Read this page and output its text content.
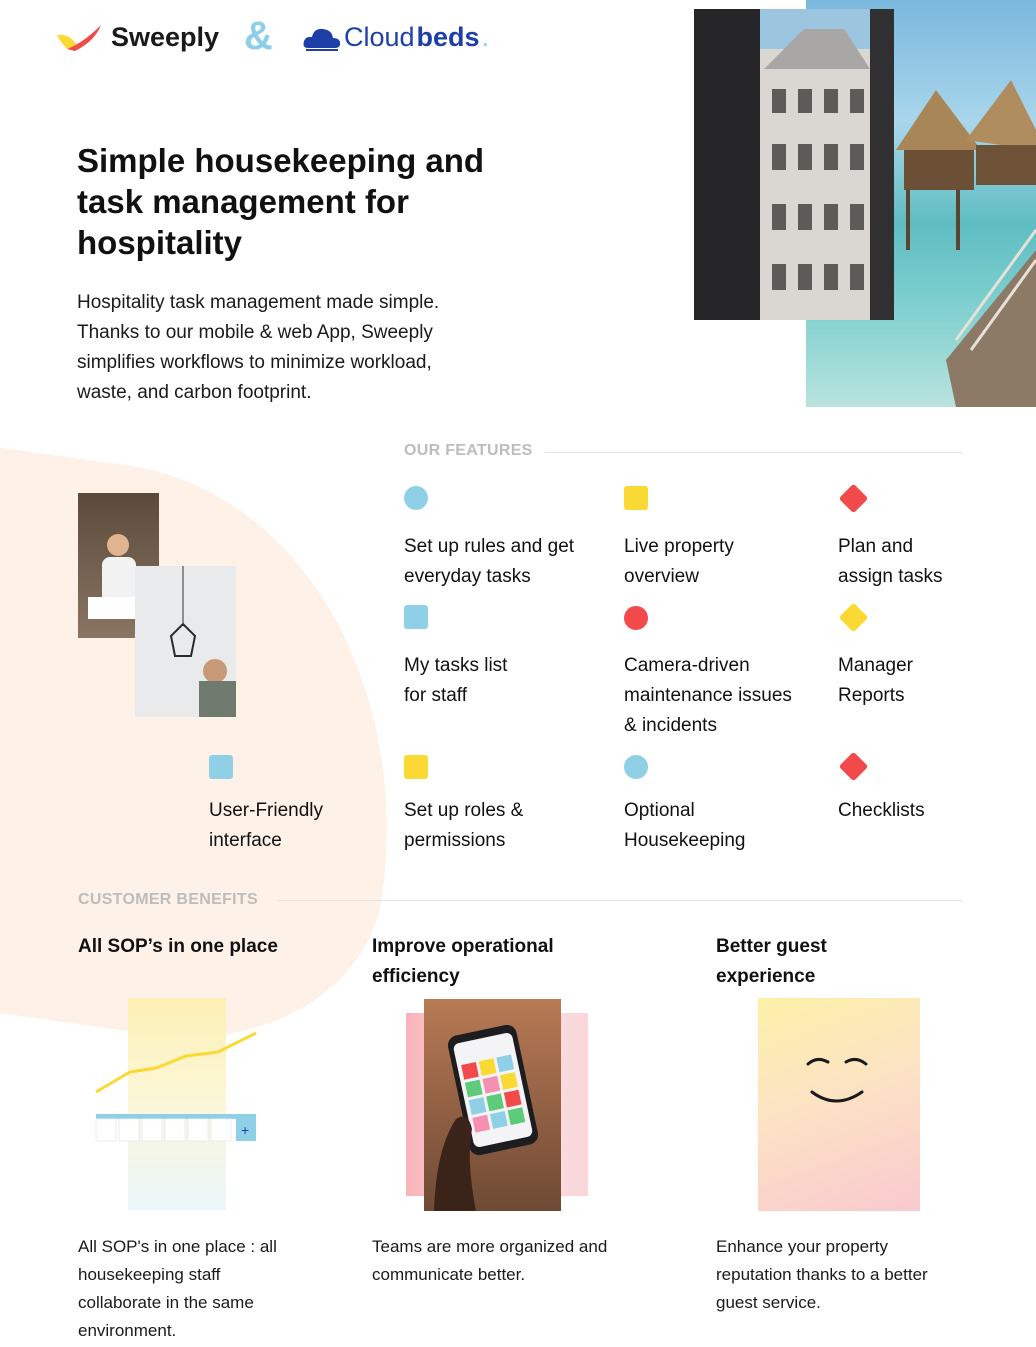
Sweeply &	Cloud beds .
Simple housekeeping and task management for hospitality
Hospitality task management made simple. Thanks to our mobile & web App, Sweeply simplifies workflows to minimize workload, waste, and carbon footprint.
OUR FEATURES
Set up rules and get everyday tasks
Live property overview
Plan and assign tasks
My tasks list for staff
Camera-driven maintenance issues & incidents
Manager Reports
User-Friendly interface
Set up roles & permissions
Optional Housekeeping
Checklists
CUSTOMER BENEFITS
All SOP’s in one place	Improve operational efficiency
Better guest experience
+
All SOP's in one place : all housekeeping staff collaborate in the same environment.
Teams are more organized and communicate better.
Enhance your property reputation thanks to a better guest service.
